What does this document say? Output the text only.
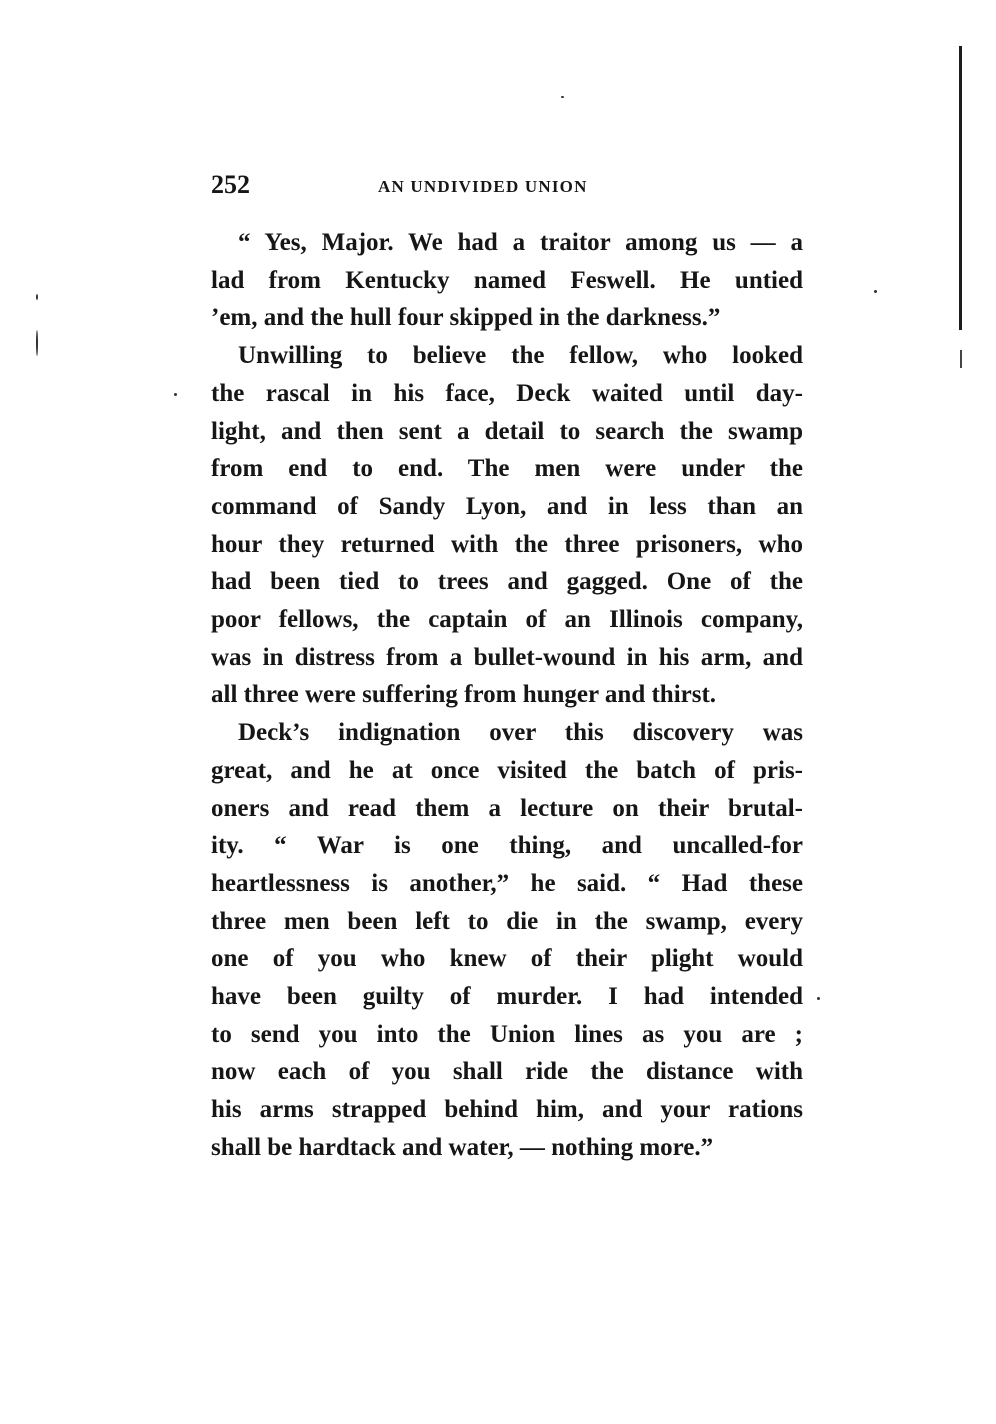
252	AN UNDIVIDED UNION

“ Yes, Major. We had a traitor among us — a
lad from Kentucky named Feswell. He untied
’em, and the hull four skipped in the darkness.”

Unwilling to believe the fellow, who looked
the rascal in his face, Deck waited until day-
light, and then sent a detail to search the swamp
from end to end. The men were under the
command of Sandy Lyon, and in less than an
hour they returned with the three prisoners, who
had been tied to trees and gagged. One of the
poor fellows, the captain of an Illinois company,
was in distress from a bullet-wound in his arm, and
all three were suffering from hunger and thirst.

Deck’s indignation over this discovery was
great, and he at once visited the batch of pris-
oners and read them a lecture on their brutal-
ity. “ War is one thing, and uncalled-for
heartlessness is another,” he said. “ Had these
three men been left to die in the swamp, every
one of you who knew of their plight would
have been guilty of murder. I had intended
to send you into the Union lines as you are ;
now each of you shall ride the distance with
his arms strapped behind him, and your rations
shall be hardtack and water, — nothing more.”
